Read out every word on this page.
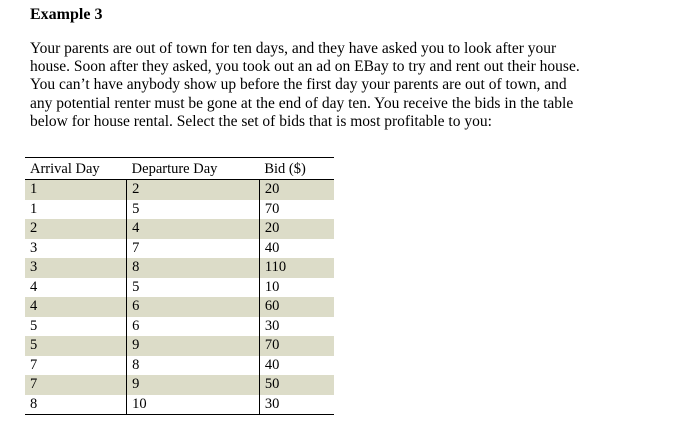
Example 3

Your parents are out of town for ten days, and they have asked you to look after your
house. Soon after they asked, you took out an ad on EBay to try and rent out their house.
You can’t have anybody show up before the first day your parents are out of town, and
any potential renter must be gone at the end of day ten. You receive the bids in the table
below for house rental. Select the set of bids that is most profitable to you:

Arrival Day	Departure Day	Bid ($)
1	2	20
1	5	70
2	4	20
3	7	40
3	8	110
4	5	10
4	6	60
5	6	30
5	9	70
7	8	40
7	9	50
8	10	30
